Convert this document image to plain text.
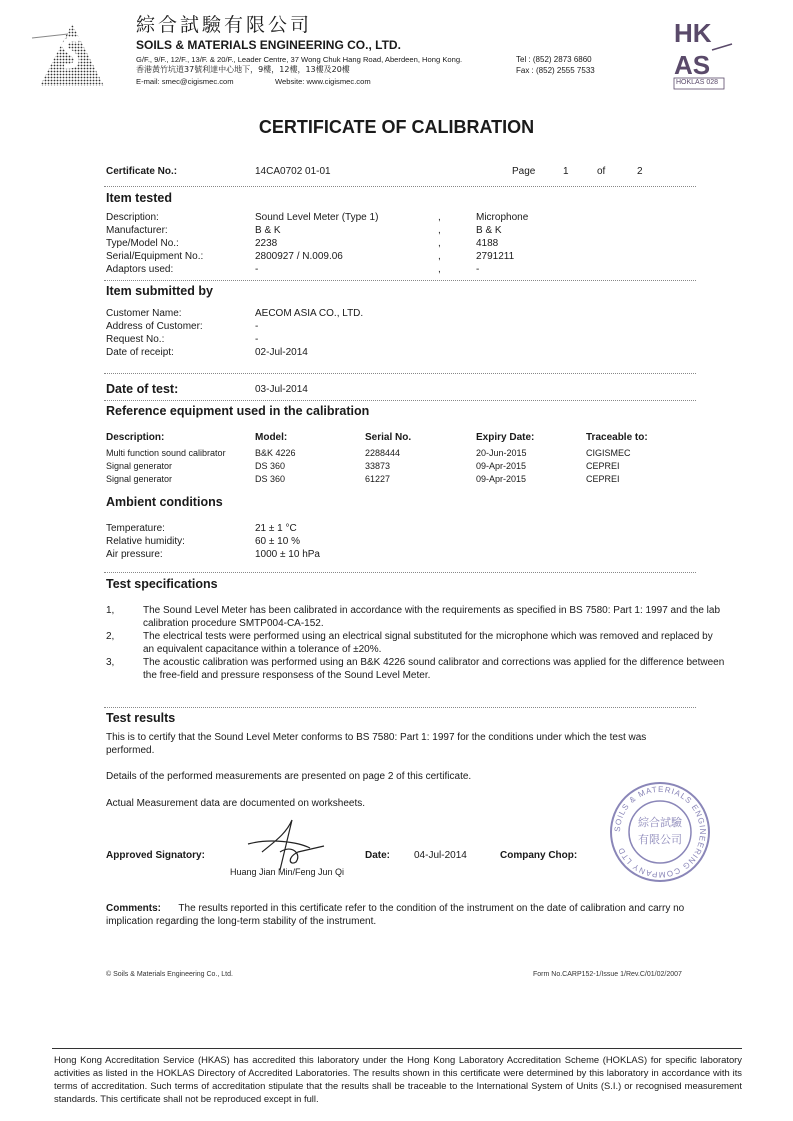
綜合試驗有限公司
SOILS & MATERIALS ENGINEERING CO., LTD.
G/F., 9/F., 12/F., 13/F. & 20/F., Leader Centre, 37 Wong Chuk Hang Road, Aberdeen, Hong Kong.
香港黃竹坑道37號利達中心地下，9樓，12樓，13樓及20樓
E-mail: smec@cigismec.com	Website: www.cigismec.com
Tel : (852) 2873 6860
Fax : (852) 2555 7533
HK
AS
HOKLAS 028
CERTIFICATE OF CALIBRATION
Certificate No.:	14CA0702 01-01	Page	1	of	2
Item tested
Description:	Sound Level Meter (Type 1)	,	Microphone
Manufacturer:	B & K	,	B & K
Type/Model No.:	2238	,	4188
Serial/Equipment No.:	2800927 / N.009.06	,	2791211
Adaptors used:	-	,	-
Item submitted by
Customer Name:	AECOM ASIA CO., LTD.
Address of Customer:	-
Request No.:	-
Date of receipt:	02-Jul-2014
Date of test:	03-Jul-2014
Reference equipment used in the calibration
Description:	Model:	Serial No.	Expiry Date:	Traceable to:
Multi function sound calibrator	B&K 4226	2288444	20-Jun-2015	CIGISMEC
Signal generator	DS 360	33873	09-Apr-2015	CEPREI
Signal generator	DS 360	61227	09-Apr-2015	CEPREI
Ambient conditions
Temperature:	21 ± 1 °C
Relative humidity:	60 ± 10 %
Air pressure:	1000 ± 10 hPa
Test specifications
1,	The Sound Level Meter has been calibrated in accordance with the requirements as specified in BS 7580: Part 1: 1997 and the lab calibration procedure SMTP004-CA-152.
2,	The electrical tests were performed using an electrical signal substituted for the microphone which was removed and replaced by an equivalent capacitance within a tolerance of ±20%.
3,	The acoustic calibration was performed using an B&K 4226 sound calibrator and corrections was applied for the difference between the free-field and pressure responsess of the Sound Level Meter.
Test results
This is to certify that the Sound Level Meter conforms to BS 7580: Part 1: 1997 for the conditions under which the test was performed.
Details of the performed measurements are presented on page 2 of this certificate.
Actual Measurement data are documented on worksheets.
Approved Signatory:
Huang Jian Min/Feng Jun Qi
Date: 04-Jul-2014	Company Chop:
SOILS & MATERIALS ENGINEERING COMPANY LTD
綜合試驗有限公司
Comments: The results reported in this certificate refer to the condition of the instrument on the date of calibration and carry no implication regarding the long-term stability of the instrument.
© Soils & Materials Engineering Co., Ltd.	Form No.CARP152-1/Issue 1/Rev.C/01/02/2007
Hong Kong Accreditation Service (HKAS) has accredited this laboratory under the Hong Kong Laboratory Accreditation Scheme (HOKLAS) for specific laboratory activities as listed in the HOKLAS Directory of Accredited Laboratories. The results shown in this certificate were determined by this laboratory in accordance with its terms of accreditation. Such terms of accreditation stipulate that the results shall be traceable to the International System of Units (S.I.) or recognised measurement standards. This certificate shall not be reproduced except in full.
